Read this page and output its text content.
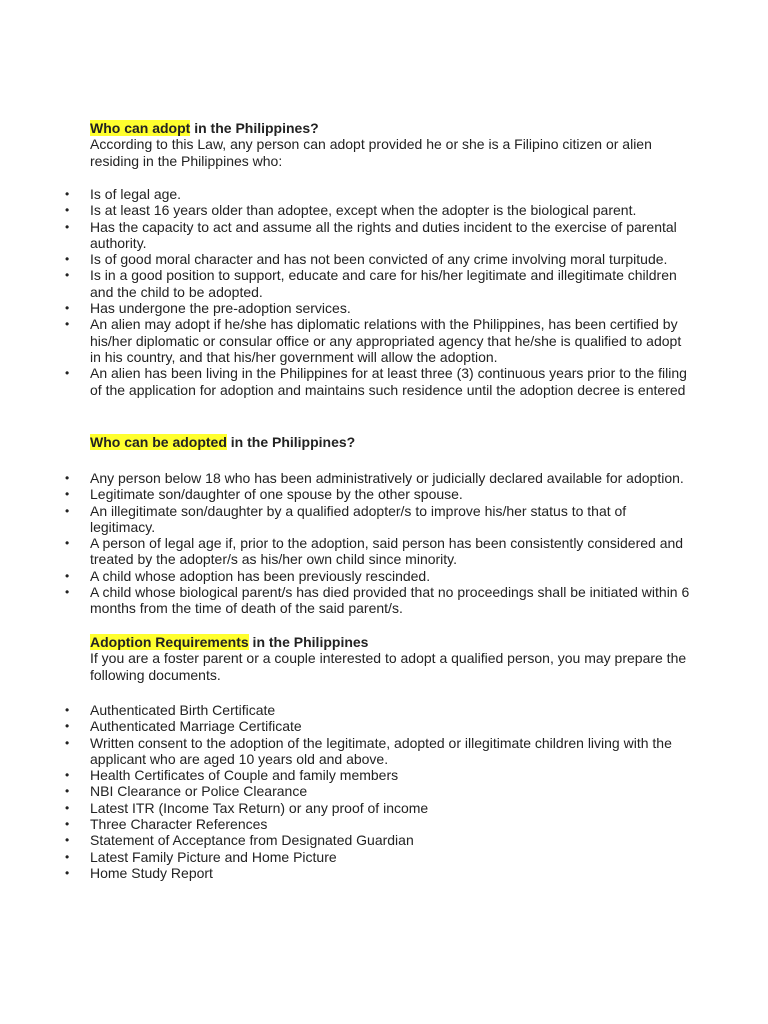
Who can adopt in the Philippines?

According to this Law, any person can adopt provided he or she is a Filipino citizen or alien residing in the Philippines who:

• Is of legal age.
• Is at least 16 years older than adoptee, except when the adopter is the biological parent.
• Has the capacity to act and assume all the rights and duties incident to the exercise of parental authority.
• Is of good moral character and has not been convicted of any crime involving moral turpitude.
• Is in a good position to support, educate and care for his/her legitimate and illegitimate children and the child to be adopted.
• Has undergone the pre-adoption services.
• An alien may adopt if he/she has diplomatic relations with the Philippines, has been certified by his/her diplomatic or consular office or any appropriated agency that he/she is qualified to adopt in his country, and that his/her government will allow the adoption.
• An alien has been living in the Philippines for at least three (3) continuous years prior to the filing of the application for adoption and maintains such residence until the adoption decree is entered

Who can be adopted in the Philippines?

• Any person below 18 who has been administratively or judicially declared available for adoption.
• Legitimate son/daughter of one spouse by the other spouse.
• An illegitimate son/daughter by a qualified adopter/s to improve his/her status to that of legitimacy.
• A person of legal age if, prior to the adoption, said person has been consistently considered and treated by the adopter/s as his/her own child since minority.
• A child whose adoption has been previously rescinded.
• A child whose biological parent/s has died provided that no proceedings shall be initiated within 6 months from the time of death of the said parent/s.

Adoption Requirements in the Philippines

If you are a foster parent or a couple interested to adopt a qualified person, you may prepare the following documents.

• Authenticated Birth Certificate
• Authenticated Marriage Certificate
• Written consent to the adoption of the legitimate, adopted or illegitimate children living with the applicant who are aged 10 years old and above.
• Health Certificates of Couple and family members
• NBI Clearance or Police Clearance
• Latest ITR (Income Tax Return) or any proof of income
• Three Character References
• Statement of Acceptance from Designated Guardian
• Latest Family Picture and Home Picture
• Home Study Report
